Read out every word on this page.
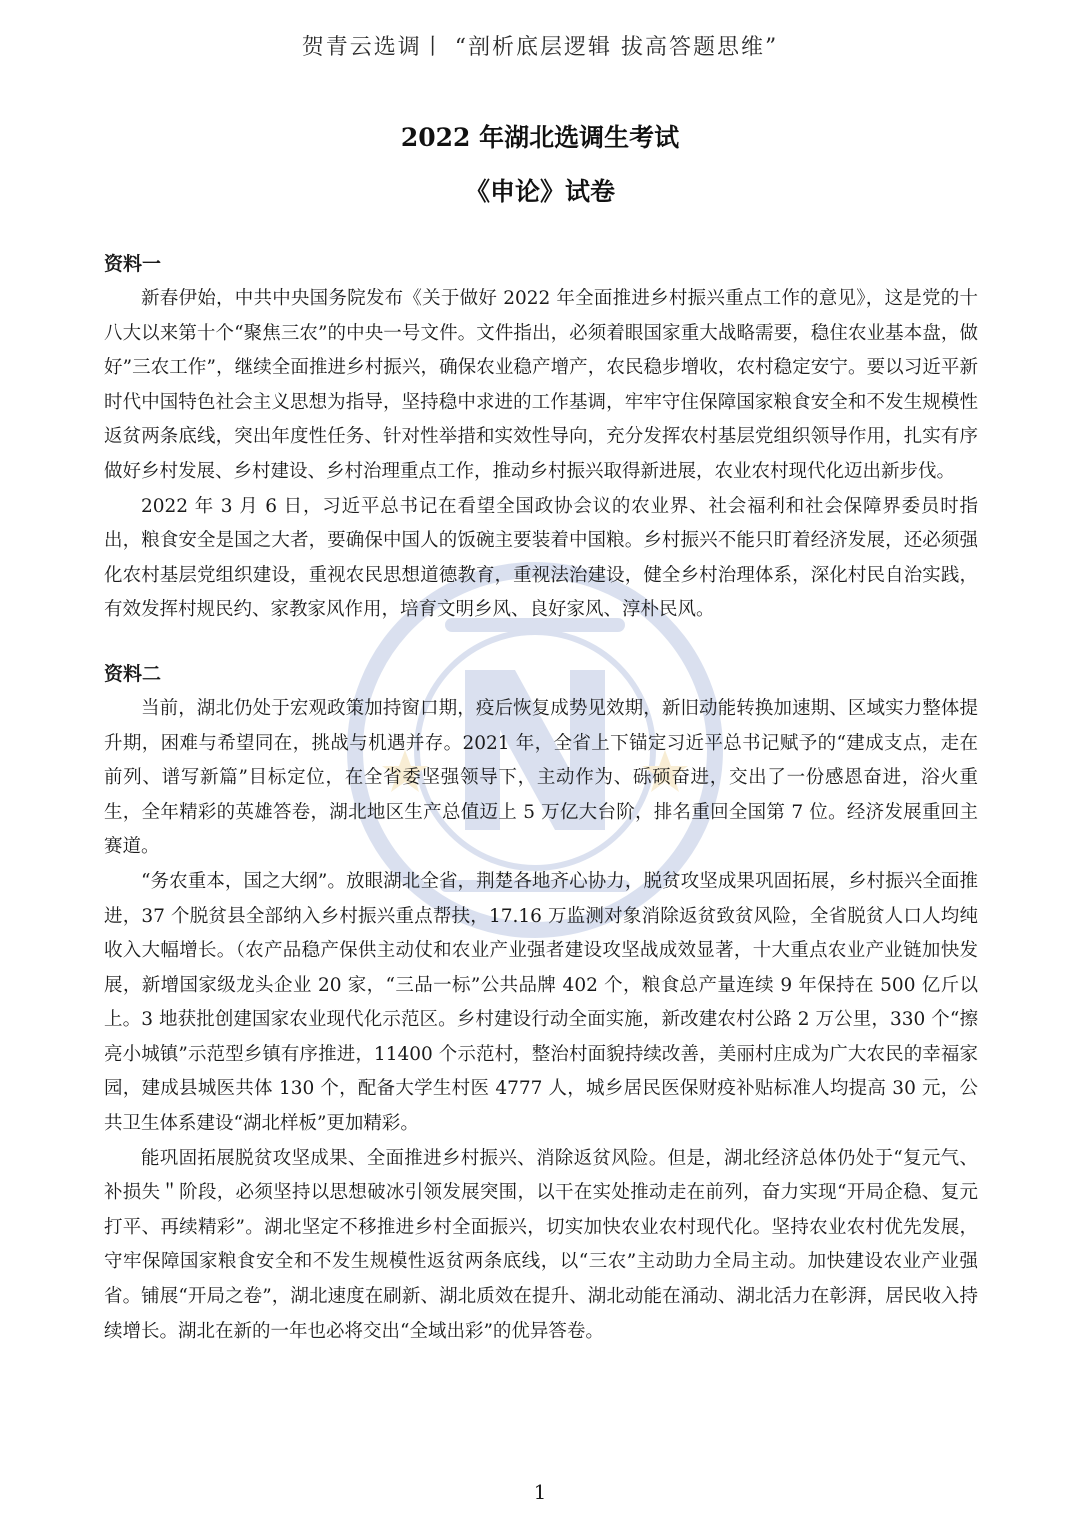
贺青云选调丨 “剖析底层逻辑 拔高答题思维”
2022 年湖北选调生考试
《申论》试卷
资料一

新春伊始，中共中央国务院发布《关于做好 2022 年全面推进乡村振兴重点工作的意见》，这是党的十八大以来第十个“聚焦三农”的中央一号文件。文件指出，必须着眼国家重大战略需要，稳住农业基本盘，做好”三农工作”，继续全面推进乡村振兴，确保农业稳产增产，农民稳步增收，农村稳定安宁。要以习近平新时代中国特色社会主义思想为指导，坚持稳中求进的工作基调，牢牢守住保障国家粮食安全和不发生规模性返贫两条底线，突出年度性任务、针对性举措和实效性导向，充分发挥农村基层党组织领导作用，扎实有序做好乡村发展、乡村建设、乡村治理重点工作，推动乡村振兴取得新进展，农业农村现代化迈出新步伐。

2022 年 3 月 6 日，习近平总书记在看望全国政协会议的农业界、社会福利和社会保障界委员时指出，粮食安全是国之大者，要确保中国人的饭碗主要装着中国粮。乡村振兴不能只盯着经济发展，还必须强化农村基层党组织建设，重视农民思想道德教育，重视法治建设，健全乡村治理体系，深化村民自治实践，有效发挥村规民约、家教家风作用，培育文明乡风、良好家风、淳朴民风。

资料二

当前，湖北仍处于宏观政策加持窗口期，疫后恢复成势见效期，新旧动能转换加速期、区域实力整体提升期，困难与希望同在，挑战与机遇并存。2021 年，全省上下锚定习近平总书记赋予的“建成支点，走在前列、谱写新篇”目标定位，在全省委坚强领导下，主动作为、砾硕奋进，交出了一份感恩奋进，浴火重生，全年精彩的英雄答卷，湖北地区生产总值迈上 5 万亿大台阶，排名重回全国第 7 位。经济发展重回主赛道。

“务农重本，国之大纲”。放眼湖北全省，荆楚各地齐心协力，脱贫攻坚成果巩固拓展，乡村振兴全面推进，37 个脱贫县全部纳入乡村振兴重点帮扶，17.16 万监测对象消除返贫致贫风险，全省脱贫人口人均纯收入大幅增长。（农产品稳产保供主动仗和农业产业强者建设攻坚战成效显著，十大重点农业产业链加快发展，新增国家级龙头企业 20 家，“三品一标”公共品牌 402 个，粮食总产量连续 9 年保持在 500 亿斤以上。3 地获批创建国家农业现代化示范区。乡村建设行动全面实施，新改建农村公路 2 万公里，330 个“擦亮小城镇”示范型乡镇有序推进，11400 个示范村，整治村面貌持续改善，美丽村庄成为广大农民的幸福家园，建成县城医共体 130 个，配备大学生村医 4777 人，城乡居民医保财疫补贴标准人均提高 30 元，公共卫生体系建设“湖北样板”更加精彩。

能巩固拓展脱贫攻坚成果、全面推进乡村振兴、消除返贫风险。但是，湖北经济总体仍处于“复元气、补损失＂阶段，必须坚持以思想破冰引领发展突围，以干在实处推动走在前列，奋力实现“开局企稳、复元打平、再续精彩”。湖北坚定不移推进乡村全面振兴，切实加快农业农村现代化。坚持农业农村优先发展，守牢保障国家粮食安全和不发生规模性返贫两条底线，以“三农”主动助力全局主动。加快建设农业产业强省。铺展“开局之卷”，湖北速度在刷新、湖北质效在提升、湖北动能在涌动、湖北活力在彰湃，居民收入持续增长。湖北在新的一年也必将交出“全域出彩”的优异答卷。

1
